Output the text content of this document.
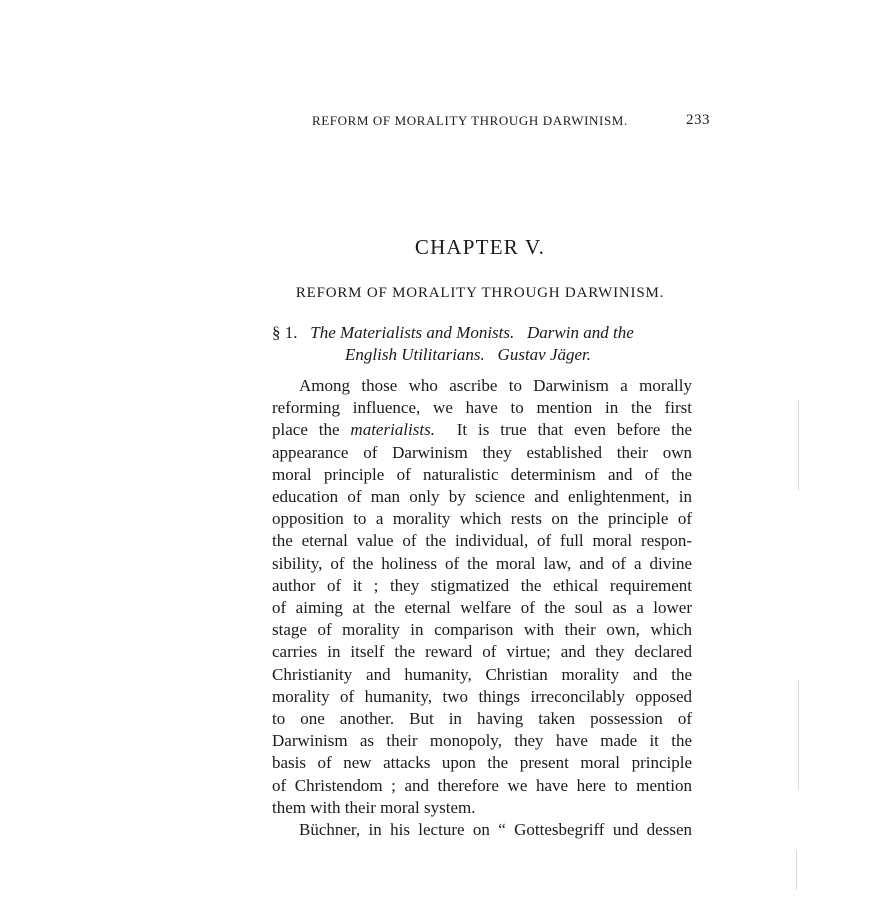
REFORM OF MORALITY THROUGH DARWINISM.	233
CHAPTER V.
REFORM OF MORALITY THROUGH DARWINISM.
§ 1. The Materialists and Monists. Darwin and the
English Utilitarians. Gustav Jäger.
Among those who ascribe to Darwinism a morally
reforming influence, we have to mention in the first
place the materialists. It is true that even before the
appearance of Darwinism they established their own
moral principle of naturalistic determinism and of the
education of man only by science and enlightenment, in
opposition to a morality which rests on the principle of
the eternal value of the individual, of full moral respon-
sibility, of the holiness of the moral law, and of a divine
author of it ; they stigmatized the ethical requirement
of aiming at the eternal welfare of the soul as a lower
stage of morality in comparison with their own, which
carries in itself the reward of virtue; and they declared
Christianity and humanity, Christian morality and the
morality of humanity, two things irreconcilably opposed
to one another. But in having taken possession of
Darwinism as their monopoly, they have made it the
basis of new attacks upon the present moral principle
of Christendom ; and therefore we have here to mention
them with their moral system.
Büchner, in his lecture on “ Gottesbegriff und dessen
